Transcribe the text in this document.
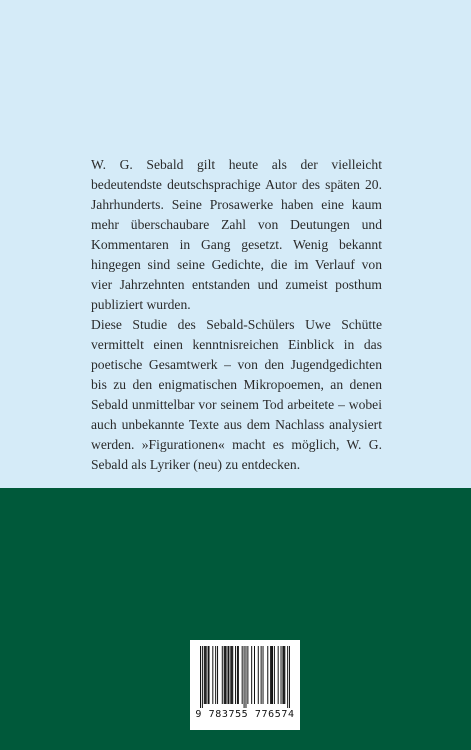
W. G. Sebald gilt heute als der vielleicht bedeutendste deutschsprachige Autor des späten 20. Jahrhunderts. Seine Prosawerke haben eine kaum mehr überschaubare Zahl von Deutungen und Kommentaren in Gang gesetzt. Wenig bekannt hingegen sind seine Gedichte, die im Verlauf von vier Jahrzehnten entstanden und zumeist posthum publiziert wurden.

Diese Studie des Sebald-Schülers Uwe Schütte vermittelt einen kenntnisreichen Einblick in das poetische Gesamtwerk – von den Jugendgedichten bis zu den enigmatischen Mikropoemen, an denen Sebald unmittelbar vor seinem Tod arbeitete – wobei auch unbekannte Texte aus dem Nachlass analysiert werden. »Figurationen« macht es möglich, W. G. Sebald als Lyriker (neu) zu entdecken.

9 783755 776574
